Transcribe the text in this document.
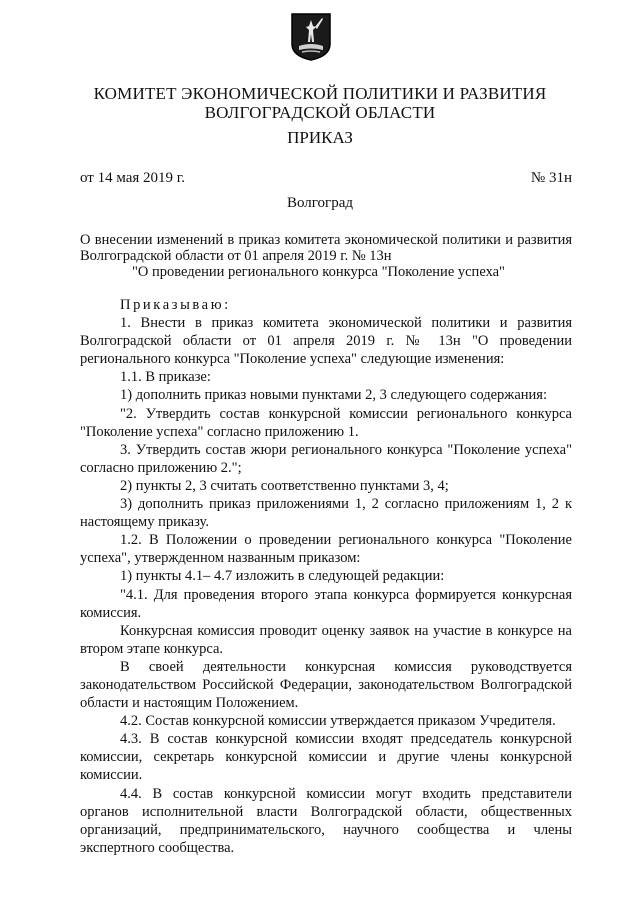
КОМИТЕТ ЭКОНОМИЧЕСКОЙ ПОЛИТИКИ И РАЗВИТИЯ
ВОЛГОГРАДСКОЙ ОБЛАСТИ
ПРИКАЗ
от 14 мая 2019 г.	№ 31н
Волгоград
О внесении изменений в приказ комитета экономической политики и развития Волгоградской области от 01 апреля 2019 г. № 13н
"О проведении регионального конкурса "Поколение успеха"

Приказываю:

1. Внести в приказ комитета экономической политики и развития Волгоградской области от 01 апреля 2019 г. № 13н "О проведении регионального конкурса "Поколение успеха" следующие изменения:

1.1. В приказе:

1) дополнить приказ новыми пунктами 2, 3 следующего содержания:

"2. Утвердить состав конкурсной комиссии регионального конкурса "Поколение успеха" согласно приложению 1.

3. Утвердить состав жюри регионального конкурса "Поколение успеха" согласно приложению 2.";

2) пункты 2, 3 считать соответственно пунктами 3, 4;

3) дополнить приказ приложениями 1, 2 согласно приложениям 1, 2 к настоящему приказу.

1.2. В Положении о проведении регионального конкурса "Поколение успеха", утвержденном названным приказом:

1) пункты 4.1– 4.7 изложить в следующей редакции:

"4.1. Для проведения второго этапа конкурса формируется конкурсная комиссия.

Конкурсная комиссия проводит оценку заявок на участие в конкурсе на втором этапе конкурса.

В своей деятельности конкурсная комиссия руководствуется законодательством Российской Федерации, законодательством Волгоградской области и настоящим Положением.

4.2. Состав конкурсной комиссии утверждается приказом Учредителя.

4.3. В состав конкурсной комиссии входят председатель конкурсной комиссии, секретарь конкурсной комиссии и другие члены конкурсной комиссии.

4.4. В состав конкурсной комиссии могут входить представители органов исполнительной власти Волгоградской области, общественных организаций, предпринимательского, научного сообщества и члены экспертного сообщества.
